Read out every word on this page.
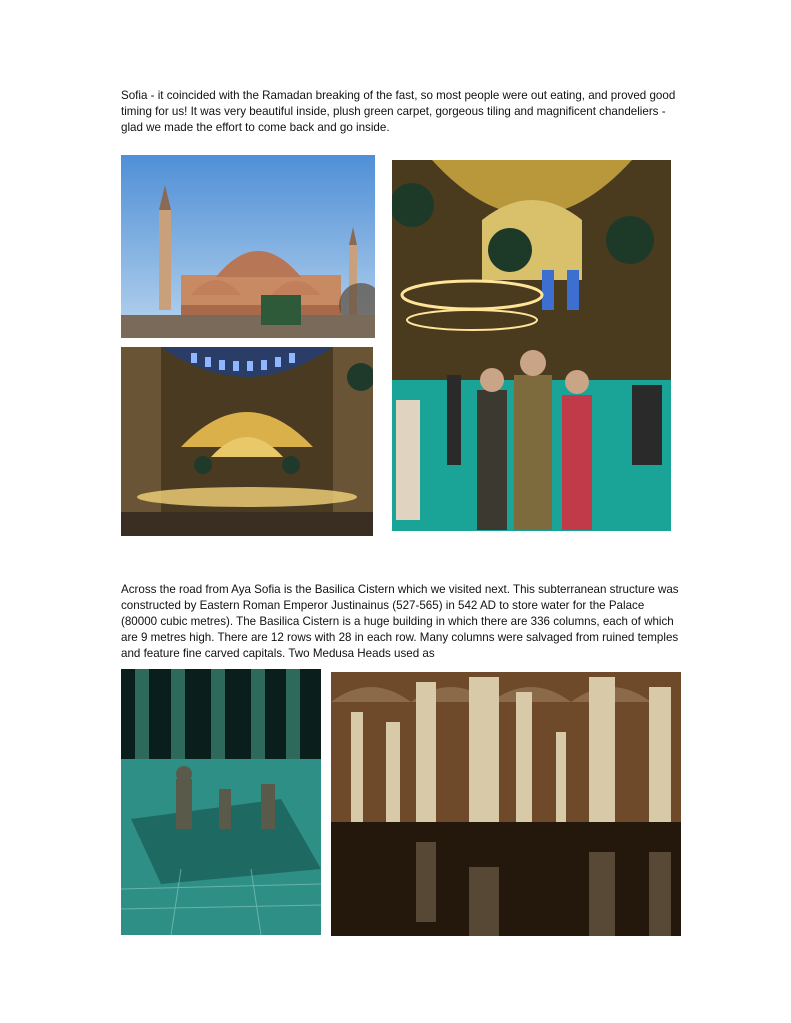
Sofia - it coincided with the Ramadan breaking of the fast, so most people were out eating, and proved good timing for us! It was very beautiful inside, plush green carpet, gorgeous tiling and magnificent chandeliers - glad we made the effort to come back and go inside.

Across the road from Aya Sofia is the Basilica Cistern which we visited next. This subterranean structure was constructed by Eastern Roman Emperor Justinainus (527-565) in 542 AD to store water for the Palace (80000 cubic metres). The Basilica Cistern is a huge building in which there are 336 columns, each of which are 9 metres high. There are 12 rows with 28 in each row. Many columns were salvaged from ruined temples and feature fine carved capitals. Two Medusa Heads used as
